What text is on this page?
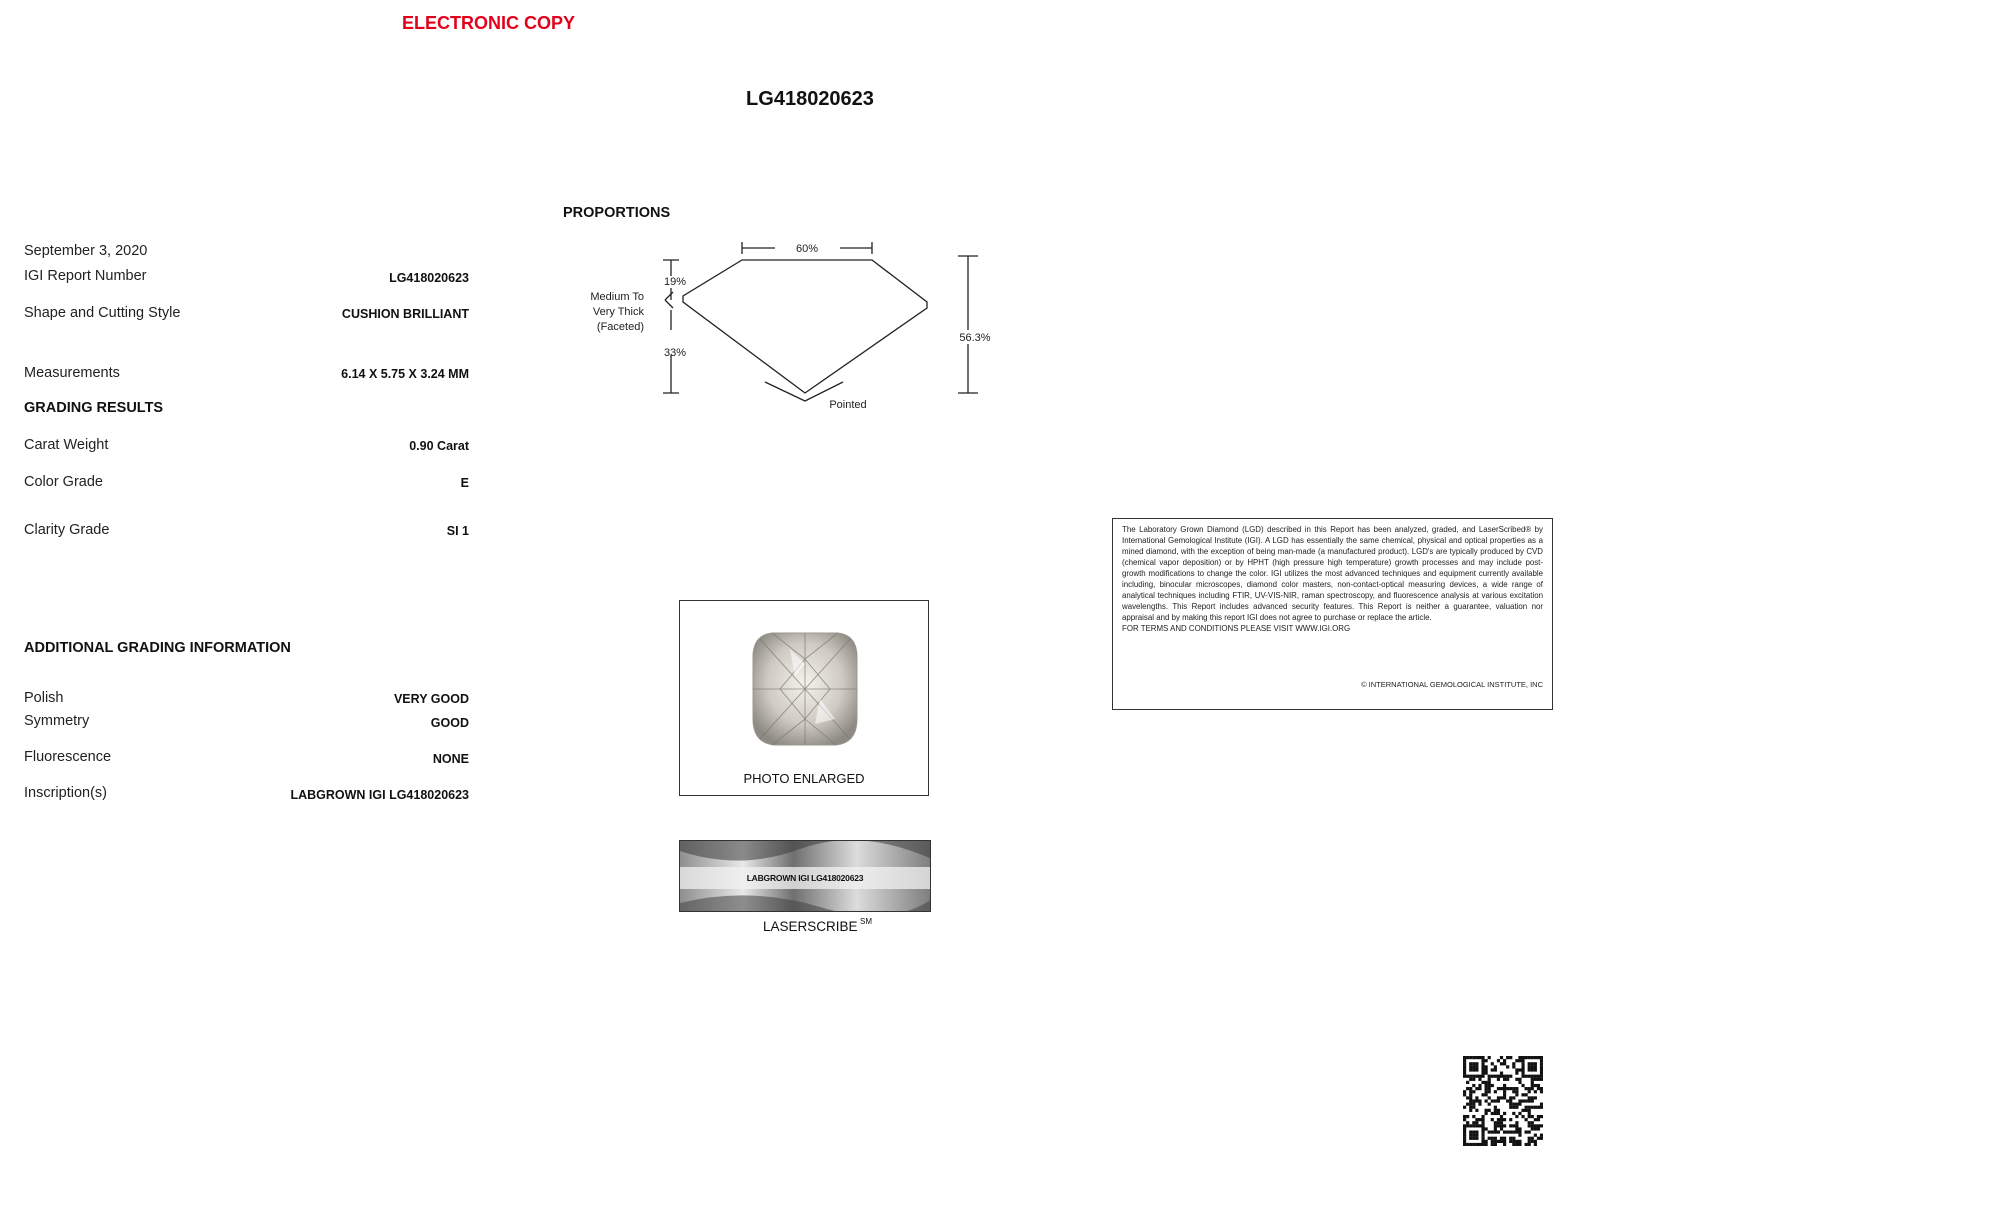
ELECTRONIC COPY
LG418020623
September 3, 2020
IGI Report Number	LG418020623
Shape and Cutting Style	CUSHION BRILLIANT
Measurements	6.14 X 5.75 X 3.24 MM
GRADING RESULTS
Carat Weight	0.90 Carat
Color Grade	E
Clarity Grade	SI 1
ADDITIONAL GRADING INFORMATION
Polish	VERY GOOD
Symmetry	GOOD
Fluorescence	NONE
Inscription(s)	LABGROWN IGI LG418020623
PROPORTIONS
60%
19%
33%
56.3%
Medium To
Very Thick
(Faceted)
Pointed
PHOTO ENLARGED
LABGROWN IGI LG418020623
LASERSCRIBE SM
The Laboratory Grown Diamond (LGD) described in this Report has been analyzed, graded, and LaserScribed® by International Gemological Institute (IGI). A LGD has essentially the same chemical, physical and optical properties as a mined diamond, with the exception of being man-made (a manufactured product). LGD's are typically produced by CVD (chemical vapor deposition) or by HPHT (high pressure high temperature) growth processes and may include post-growth modifications to change the color. IGI utilizes the most advanced techniques and equipment currently available including, binocular microscopes, diamond color masters, non-contact-optical measuring devices, a wide range of analytical techniques including FTIR, UV-VIS-NIR, raman spectroscopy, and fluorescence analysis at various excitation wavelengths. This Report includes advanced security features. This Report is neither a guarantee, valuation nor appraisal and by making this report IGI does not agree to purchase or replace the article.
FOR TERMS AND CONDITIONS PLEASE VISIT WWW.IGI.ORG
© INTERNATIONAL GEMOLOGICAL INSTITUTE, INC
